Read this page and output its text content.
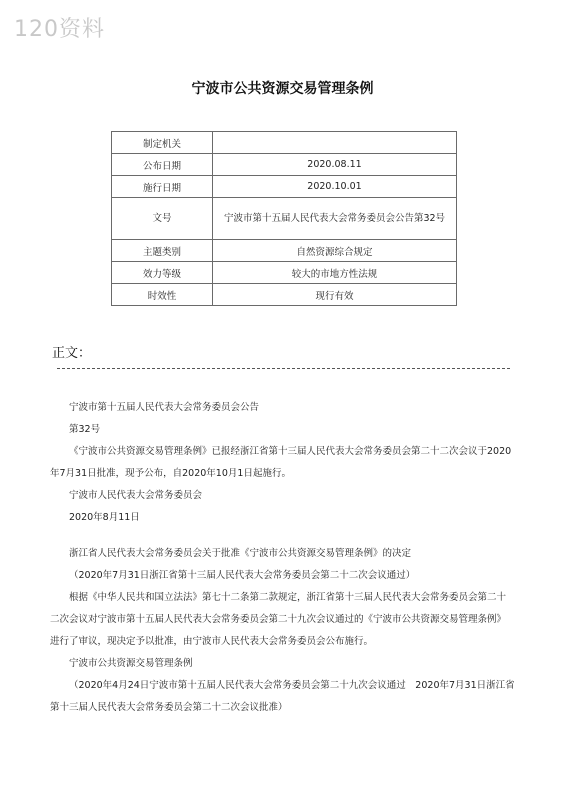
120资料
宁波市公共资源交易管理条例
制定机关	
公布日期	2020.08.11
施行日期	2020.10.01
文号	宁波市第十五届人民代表大会常务委员会公告第32号
主题类别	自然资源综合规定
效力等级	较大的市地方性法规
时效性	现行有效
正文：

宁波市第十五届人民代表大会常务委员会公告

第32号

《宁波市公共资源交易管理条例》已报经浙江省第十三届人民代表大会常务委员会第二十二次会议于2020年7月31日批准，现予公布，自2020年10月1日起施行。

宁波市人民代表大会常务委员会

2020年8月11日

浙江省人民代表大会常务委员会关于批准《宁波市公共资源交易管理条例》的决定

（2020年7月31日浙江省第十三届人民代表大会常务委员会第二十二次会议通过）

根据《中华人民共和国立法法》第七十二条第二款规定，浙江省第十三届人民代表大会常务委员会第二十二次会议对宁波市第十五届人民代表大会常务委员会第二十九次会议通过的《宁波市公共资源交易管理条例》进行了审议，现决定予以批准，由宁波市人民代表大会常务委员会公布施行。

宁波市公共资源交易管理条例

（2020年4月24日宁波市第十五届人民代表大会常务委员会第二十九次会议通过　2020年7月31日浙江省第十三届人民代表大会常务委员会第二十二次会议批准）
